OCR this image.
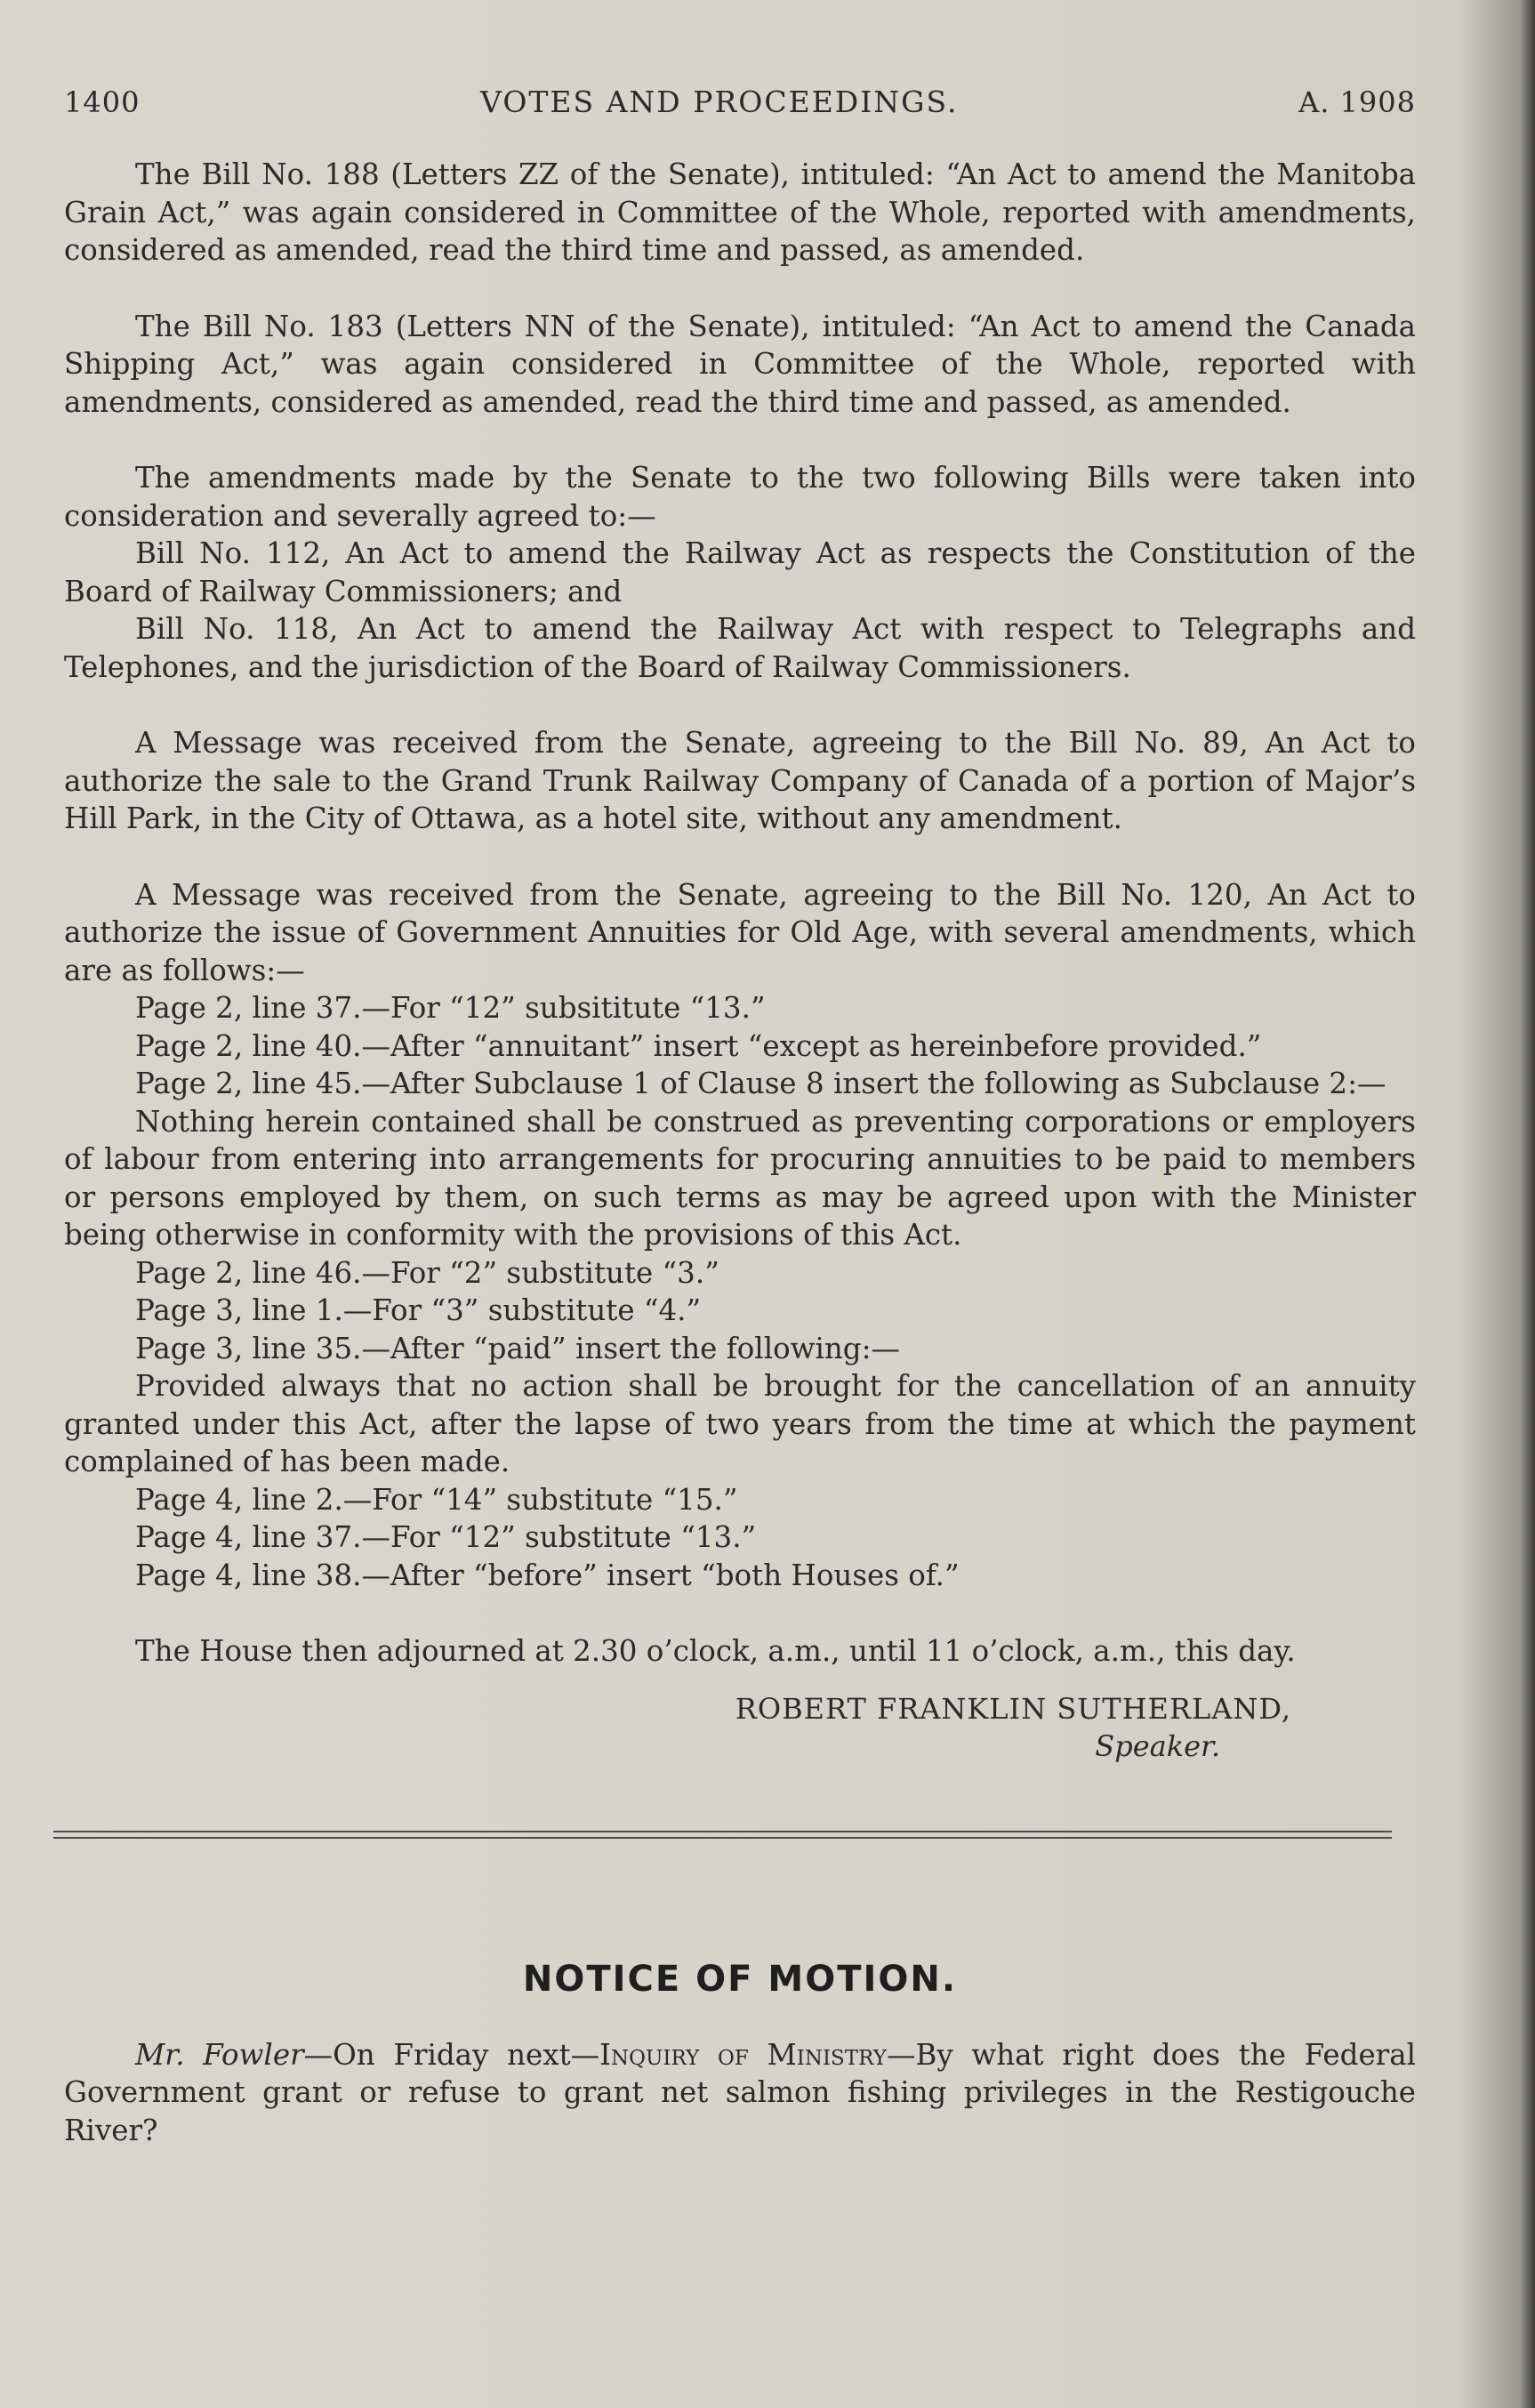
1400	VOTES AND PROCEEDINGS.	A. 1908

The Bill No. 188 (Letters ZZ of the Senate), intituled: “An Act to amend the Manitoba Grain Act,” was again considered in Committee of the Whole, reported with amendments, considered as amended, read the third time and passed, as amended.

The Bill No. 183 (Letters NN of the Senate), intituled: “An Act to amend the Canada Shipping Act,” was again considered in Committee of the Whole, reported with amendments, considered as amended, read the third time and passed, as amended.

The amendments made by the Senate to the two following Bills were taken into consideration and severally agreed to:—

Bill No. 112, An Act to amend the Railway Act as respects the Constitution of the Board of Railway Commissioners; and

Bill No. 118, An Act to amend the Railway Act with respect to Telegraphs and Telephones, and the jurisdiction of the Board of Railway Commissioners.

A Message was received from the Senate, agreeing to the Bill No. 89, An Act to authorize the sale to the Grand Trunk Railway Company of Canada of a portion of Major’s Hill Park, in the City of Ottawa, as a hotel site, without any amendment.

A Message was received from the Senate, agreeing to the Bill No. 120, An Act to authorize the issue of Government Annuities for Old Age, with several amendments, which are as follows:—

Page 2, line 37.—For “12” subsititute “13.”

Page 2, line 40.—After “annuitant” insert “except as hereinbefore provided.”

Page 2, line 45.—After Subclause 1 of Clause 8 insert the following as Subclause 2:—

Nothing herein contained shall be construed as preventing corporations or employers of labour from entering into arrangements for procuring annuities to be paid to members or persons employed by them, on such terms as may be agreed upon with the Minister being otherwise in conformity with the provisions of this Act.

Page 2, line 46.—For “2” substitute “3.”

Page 3, line 1.—For “3” substitute “4.”

Page 3, line 35.—After “paid” insert the following:—

Provided always that no action shall be brought for the cancellation of an annuity granted under this Act, after the lapse of two years from the time at which the payment complained of has been made.

Page 4, line 2.—For “14” substitute “15.”

Page 4, line 37.—For “12” substitute “13.”

Page 4, line 38.—After “before” insert “both Houses of.”

The House then adjourned at 2.30 o’clock, a.m., until 11 o’clock, a.m., this day.

ROBERT FRANKLIN SUTHERLAND,
Speaker.
NOTICE OF MOTION.

Mr. Fowler—On Friday next—Inquiry of Ministry—By what right does the Federal Government grant or refuse to grant net salmon fishing privileges in the Restigouche River?
